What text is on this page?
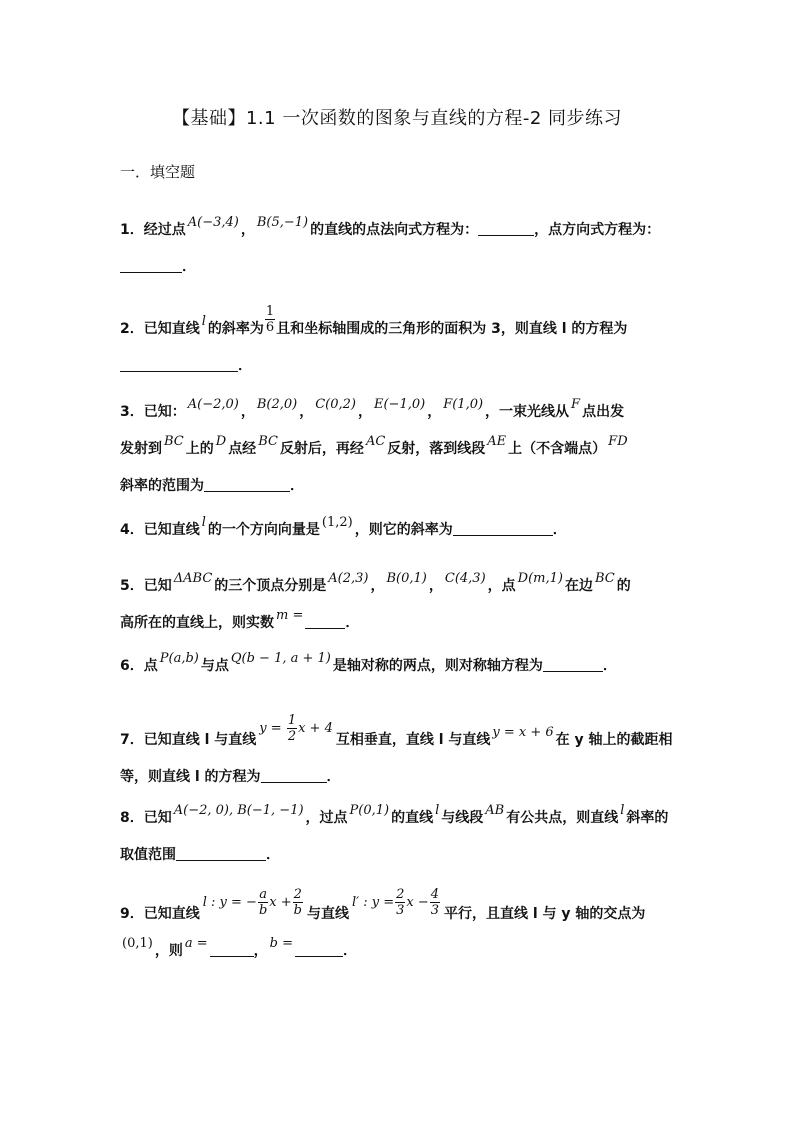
【基础】1.1 一次函数的图象与直线的方程-2 同步练习
一．填空题
1．经过点 A(−3,4) ， B(5,−1) 的直线的点法向式方程为：	，点方向式方程为：
．
2．已知直线 l 的斜率为 $\frac{1}{6}$ 且和坐标轴围成的三角形的面积为 3，则直线 l 的方程为
．
3．已知： A(−2,0) ， B(2,0) ， C(0,2) ， E(−1,0) ， F(1,0) ，一束光线从 F 点出发
发射到 BC 上的 D 点经 BC 反射后，再经 AC 反射，落到线段 AE 上（不含端点） FD
斜率的范围为	．
4．已知直线 l 的一个方向向量是 (1,2) ，则它的斜率为	．
5．已知 ΔABC 的三个顶点分别是 A(2,3) ， B(0,1) ， C(4,3) ，点 D(m,1) 在边 BC 的
高所在的直线上，则实数 m =	．
6．点 P(a,b) 与点 Q(b − 1, a + 1) 是轴对称的两点，则对称轴方程为	．
7．已知直线 l 与直线$y = \frac{1}{2}$ x + 4互相垂直，直线 l 与直线 y = x + 6 在 y 轴上的截距相
等，则直线 l 的方程为	．
8．已知 A(−2, 0), B(−1, −1) ，过点 P(0,1) 的直线 l 与线段 AB 有公共点，则直线 l 斜率的
取值范围	．
9．已知直线l : y = − $\frac{a}{b}$ $x + \frac{2}{b}$ 与直线l′ : $y = \frac{2}{3}$ $x - \frac{4}{3}$ 平行，且直线 l 与 y 轴的交点为
(0,1) ，则 a =	， b =	．
